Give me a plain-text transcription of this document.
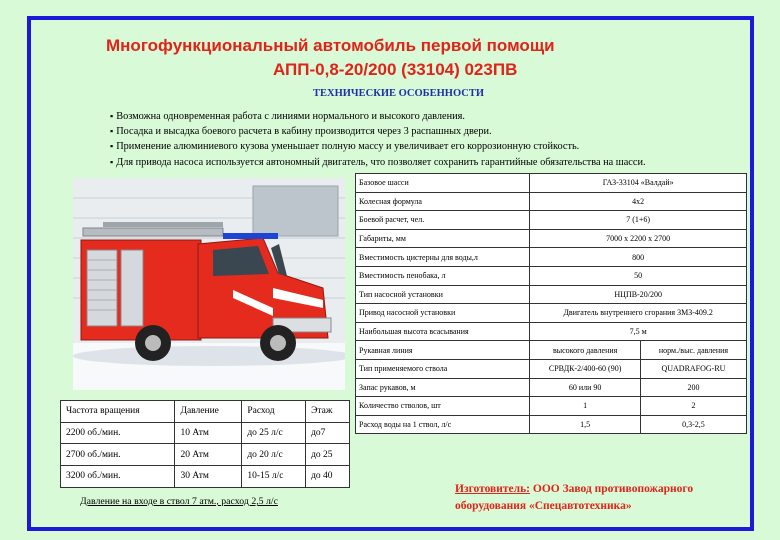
Многофункциональный автомобиль первой помощи
АПП-0,8-20/200 (33104) 023ПВ
ТЕХНИЧЕСКИЕ ОСОБЕННОСТИ
▪ Возможна одновременная работа с линиями нормального и высокого давления.
▪ Посадка и высадка боевого расчета в кабину производится через 3 распашных двери.
▪ Применение алюминиевого кузова уменьшает полную массу и увеличивает его коррозионную стойкость.
▪ Для привода насоса используется автономный двигатель, что позволяет сохранить гарантийные обязательства на шасси.
Базовое шасси	ГАЗ-33104 «Валдай»	
Колесная формула	4х2	
Боевой расчет, чел.	7 (1+6)	
Габариты, мм	7000 х 2200 х 2700	
Вместимость цистерны для воды,л	800	
Вместимость пенобака, л	50	
Тип насосной установки	НЦПВ-20/200	
Привод насосной установки	Двигатель внутреннего сгорания ЗМЗ-409.2	
Наибольшая высота всасывания	7,5 м	
Рукавная линия	высокого давления	норм./выс. давления
Тип применяемого ствола	СРВДК-2/400-60 (90)	QUADRAFOG-RU
Запас рукавов, м	60 или 90	200
Количество стволов, шт	1	2
Расход воды на 1 ствол, л/с	1,5	0,3-2,5
Частота вращения	Давление	Расход	Этаж
2200 об./мин.	10 Атм	до 25 л/с	до7
2700 об./мин.	20 Атм	до 20 л/с	до 25
3200 об./мин.	30 Атм	10-15 л/с	до 40
Давление на входе в ствол 7 атм., расход 2,5 л/с
Изготовитель: ООО Завод противопожарного
оборудования «Спецавтотехника»
